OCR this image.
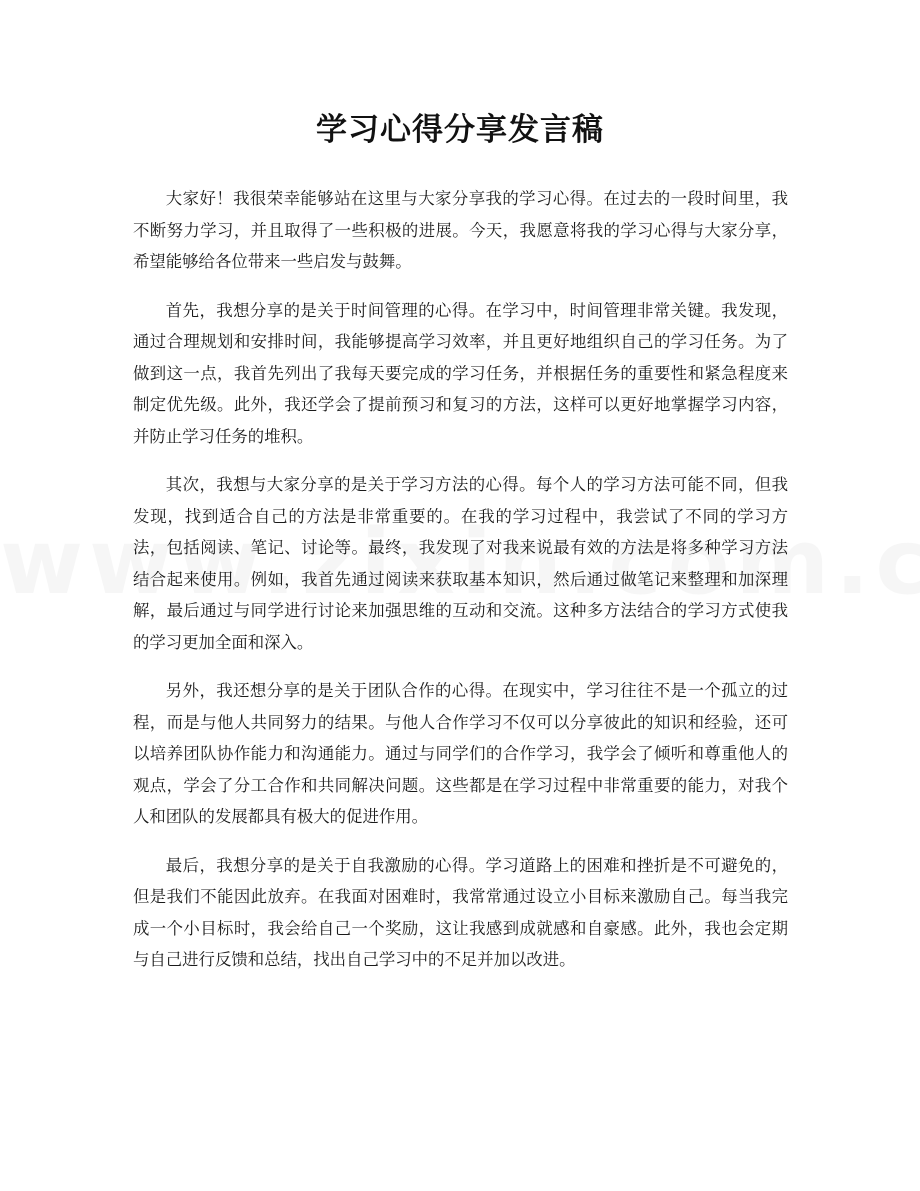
学习心得分享发言稿

大家好！我很荣幸能够站在这里与大家分享我的学习心得。在过去的一段时间里，我不断努力学习，并且取得了一些积极的进展。今天，我愿意将我的学习心得与大家分享，希望能够给各位带来一些启发与鼓舞。

首先，我想分享的是关于时间管理的心得。在学习中，时间管理非常关键。我发现，通过合理规划和安排时间，我能够提高学习效率，并且更好地组织自己的学习任务。为了做到这一点，我首先列出了我每天要完成的学习任务，并根据任务的重要性和紧急程度来制定优先级。此外，我还学会了提前预习和复习的方法，这样可以更好地掌握学习内容，并防止学习任务的堆积。

其次，我想与大家分享的是关于学习方法的心得。每个人的学习方法可能不同，但我发现，找到适合自己的方法是非常重要的。在我的学习过程中，我尝试了不同的学习方法，包括阅读、笔记、讨论等。最终，我发现了对我来说最有效的方法是将多种学习方法结合起来使用。例如，我首先通过阅读来获取基本知识，然后通过做笔记来整理和加深理解，最后通过与同学进行讨论来加强思维的互动和交流。这种多方法结合的学习方式使我的学习更加全面和深入。

另外，我还想分享的是关于团队合作的心得。在现实中，学习往往不是一个孤立的过程，而是与他人共同努力的结果。与他人合作学习不仅可以分享彼此的知识和经验，还可以培养团队协作能力和沟通能力。通过与同学们的合作学习，我学会了倾听和尊重他人的观点，学会了分工合作和共同解决问题。这些都是在学习过程中非常重要的能力，对我个人和团队的发展都具有极大的促进作用。

最后，我想分享的是关于自我激励的心得。学习道路上的困难和挫折是不可避免的，但是我们不能因此放弃。在我面对困难时，我常常通过设立小目标来激励自己。每当我完成一个小目标时，我会给自己一个奖励，这让我感到成就感和自豪感。此外，我也会定期与自己进行反馈和总结，找出自己学习中的不足并加以改进。
